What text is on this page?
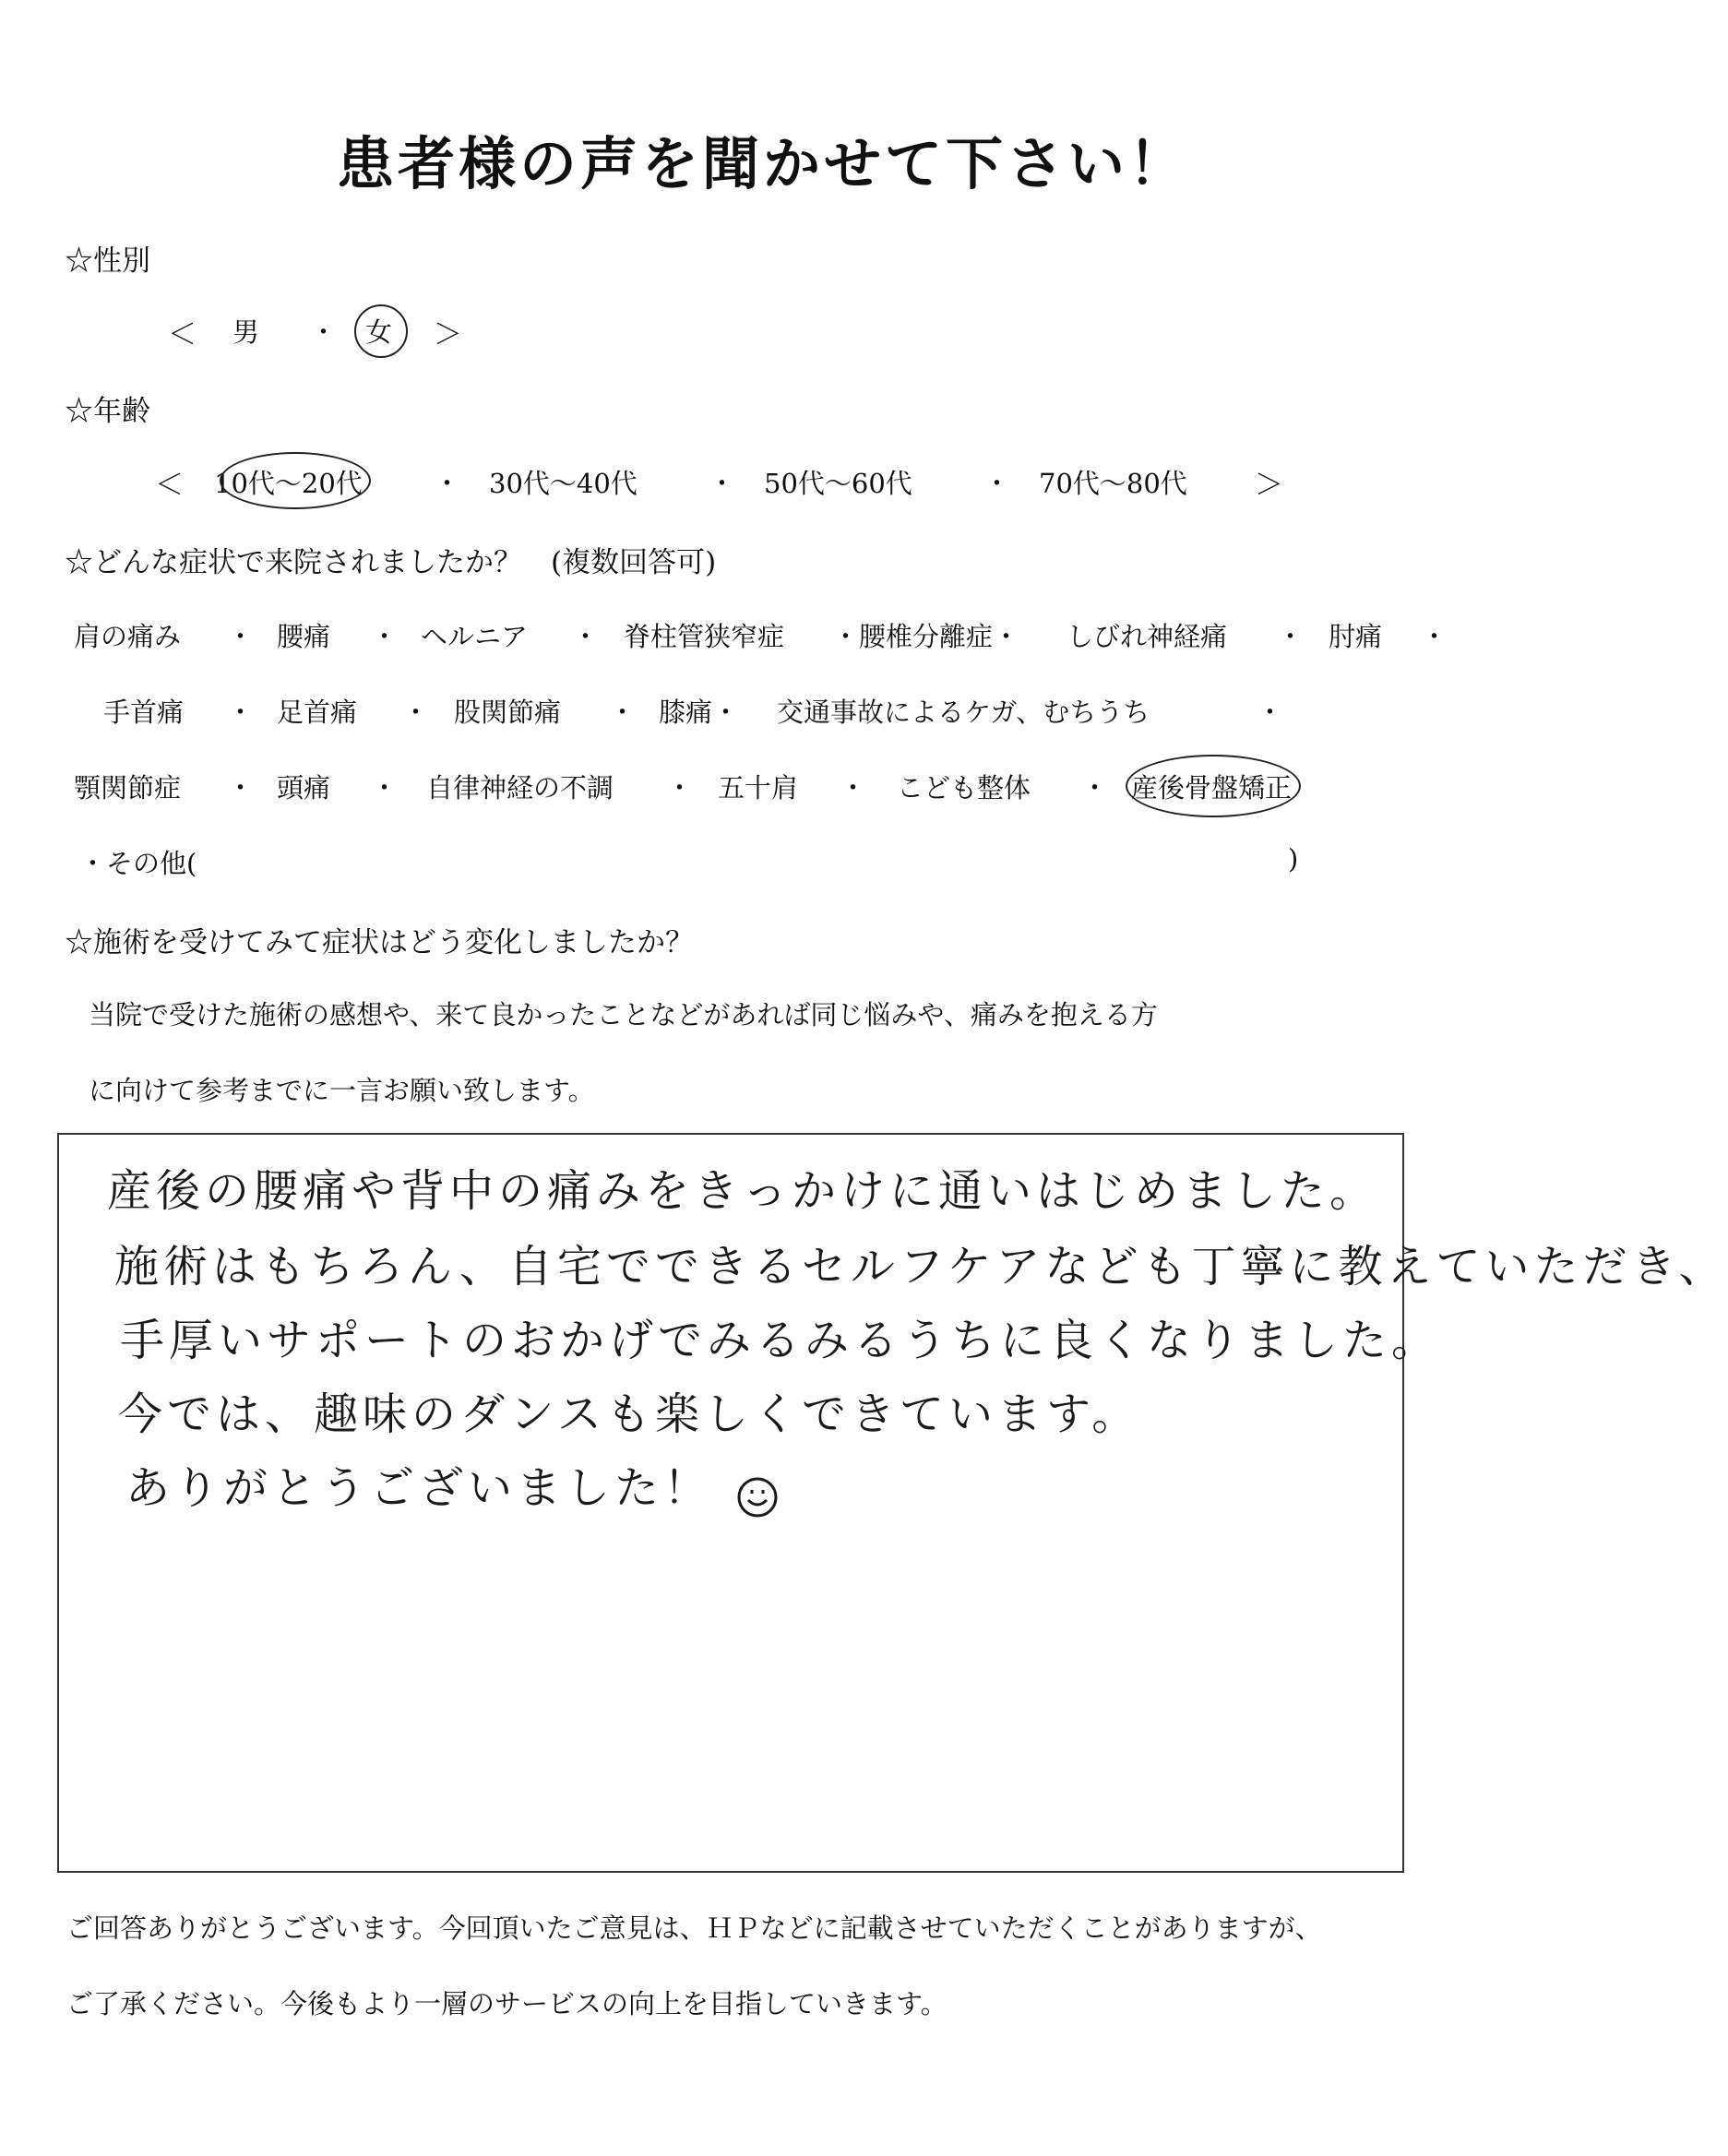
患者様の声を聞かせて下さい！
☆性別
＜ 男 ・ 女 ＞
☆年齢
＜ 10代～20代	・ 30代～40代	・ 50代～60代	・ 70代～80代 ＞
☆どんな症状で来院されましたか？　(複数回答可)
肩の痛み ・ 腰痛 ・ ヘルニア ・ 脊柱管狭窄症 ・腰椎分離症・ しびれ神経痛 ・ 肘痛 ・
手首痛 ・ 足首痛 ・ 股関節痛 ・ 膝痛・ 交通事故によるケガ、むちうち	・
顎関節症 ・ 頭痛 ・ 自律神経の不調 ・ 五十肩 ・ こども整体 ・ 産後骨盤矯正
・その他(	)
☆施術を受けてみて症状はどう変化しましたか？
当院で受けた施術の感想や、来て良かったことなどがあれば同じ悩みや、痛みを抱える方
に向けて参考までに一言お願い致します。
産後の腰痛や背中の痛みをきっかけに通いはじめました。
施術はもちろん、自宅でできるセルフケアなども丁寧に教えていただき、
手厚いサポートのおかげでみるみるうちに良くなりました。
今では、趣味のダンスも楽しくできています。
ありがとうございました！
ご回答ありがとうございます。今回頂いたご意見は、ＨＰなどに記載させていただくことがありますが、
ご了承ください。今後もより一層のサービスの向上を目指していきます。
